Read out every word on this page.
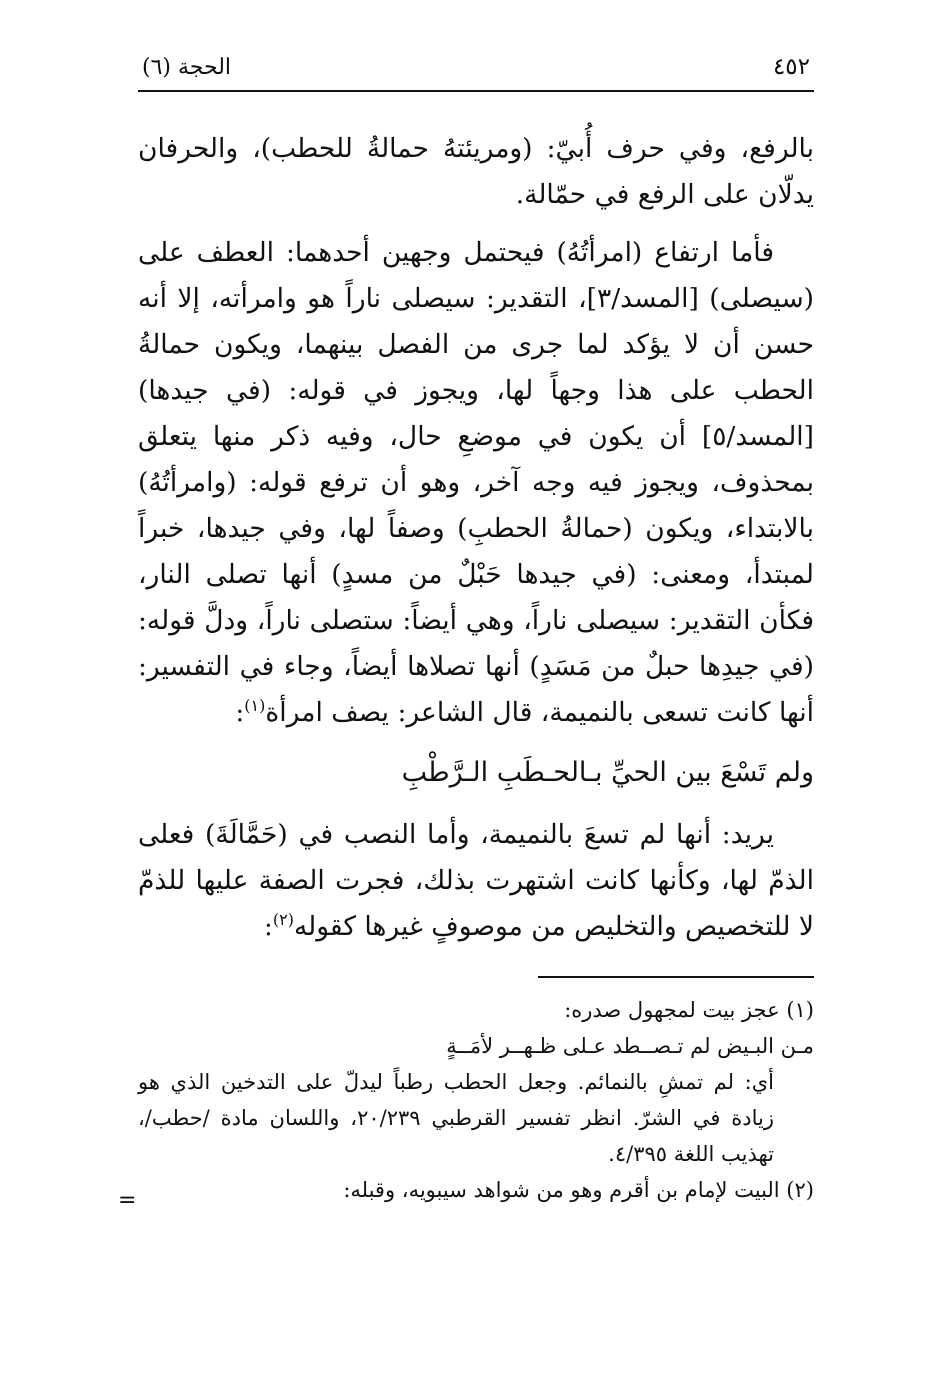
٤٥٢
الحجة (٦)

بالرفع، وفي حرف أُبيّ: (ومريئتهُ حمالةُ للحطب)، والحرفان يدلّان على الرفع في حمّالة.

فأما ارتفاع (امرأتُهُ) فيحتمل وجهين أحدهما: العطف على (سيصلى) [المسد/٣]، التقدير: سيصلى ناراً هو وامرأته، إلا أنه حسن أن لا يؤكد لما جرى من الفصل بينهما، ويكون حمالةُ الحطب على هذا وجهاً لها، ويجوز في قوله: (في جيدها) [المسد/٥] أن يكون في موضعِ حال، وفيه ذكر منها يتعلق بمحذوف، ويجوز فيه وجه آخر، وهو أن ترفع قوله: (وامرأتُهُ) بالابتداء، ويكون (حمالةُ الحطبِ) وصفاً لها، وفي جيدها، خبراً لمبتدأ، ومعنى: (في جيدها حَبْلٌ من مسدٍ) أنها تصلى النار، فكأن التقدير: سيصلى ناراً، وهي أيضاً: ستصلى ناراً، ودلَّ قوله: (في جيدِها حبلٌ من مَسَدٍ) أنها تصلاها أيضاً، وجاء في التفسير: أنها كانت تسعى بالنميمة، قال الشاعر: يصف امرأة$^{(١)}$:

ولم تَسْعَ بين الحيِّ بـالحـطَبِ الـرَّطْبِ

يريد: أنها لم تسعَ بالنميمة، وأما النصب في (حَمَّالَةَ) فعلى الذمّ لها، وكأنها كانت اشتهرت بذلك، فجرت الصفة عليها للذمّ لا للتخصيص والتخليص من موصوفٍ غيرها كقوله$^{(٢)}$:

(١) عجز بيت لمجهول صدره:

مـن البـيض لم تـصــطد عـلى ظـهــر لأمَــةٍ

أي: لم تمشِ بالنمائم. وجعل الحطب رطباً ليدلّ على التدخين الذي هو زيادة في الشرّ. انظر تفسير القرطبي ٢٠/٢٣٩، واللسان مادة /حطب/، تهذيب اللغة ٤/٣٩٥.

(٢) البيت لإمام بن أقرم وهو من شواهد سيبويه، وقبله:

=
